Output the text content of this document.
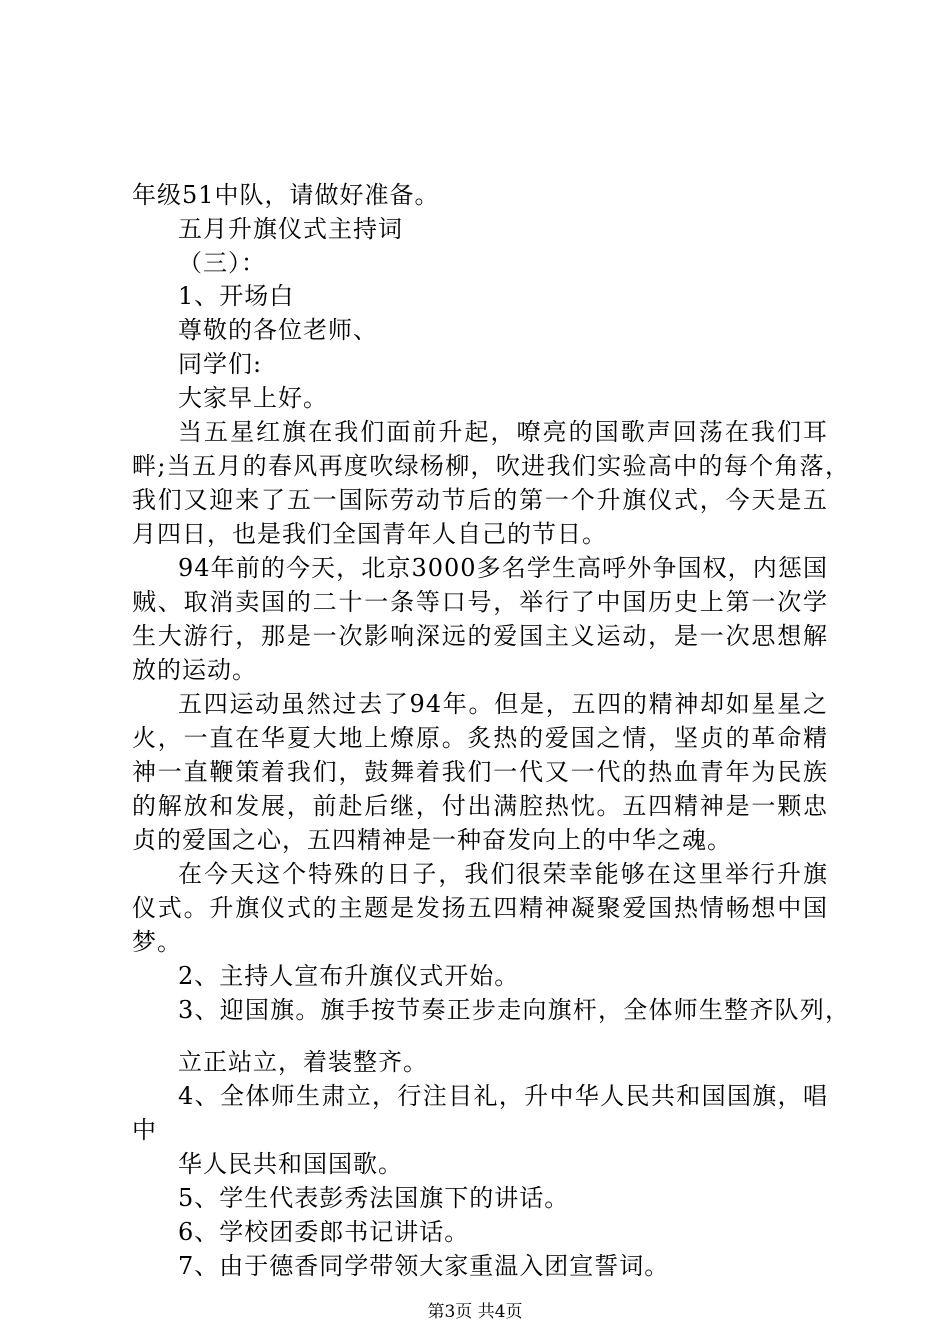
年级51中队，请做好准备。
五月升旗仪式主持词
（三）：
1、开场白
尊敬的各位老师、
同学们:
大家早上好。
当五星红旗在我们面前升起，嘹亮的国歌声回荡在我们耳
畔;当五月的春风再度吹绿杨柳，吹进我们实验高中的每个角落，
我们又迎来了五一国际劳动节后的第一个升旗仪式，今天是五
月四日，也是我们全国青年人自己的节日。
94年前的今天，北京3000多名学生高呼外争国权，内惩国
贼、取消卖国的二十一条等口号，举行了中国历史上第一次学
生大游行，那是一次影响深远的爱国主义运动，是一次思想解
放的运动。
五四运动虽然过去了94年。但是，五四的精神却如星星之
火，一直在华夏大地上燎原。炙热的爱国之情，坚贞的革命精
神一直鞭策着我们，鼓舞着我们一代又一代的热血青年为民族
的解放和发展，前赴后继，付出满腔热忱。五四精神是一颗忠
贞的爱国之心，五四精神是一种奋发向上的中华之魂。
在今天这个特殊的日子，我们很荣幸能够在这里举行升旗
仪式。升旗仪式的主题是发扬五四精神凝聚爱国热情畅想中国
梦。
2、主持人宣布升旗仪式开始。
3、迎国旗。旗手按节奏正步走向旗杆，全体师生整齐队列，
立正站立，着装整齐。
4、全体师生肃立，行注目礼，升中华人民共和国国旗，唱
中
华人民共和国国歌。
5、学生代表彭秀法国旗下的讲话。
6、学校团委郎书记讲话。
7、由于德香同学带领大家重温入团宣誓词。
第3页 共4页
